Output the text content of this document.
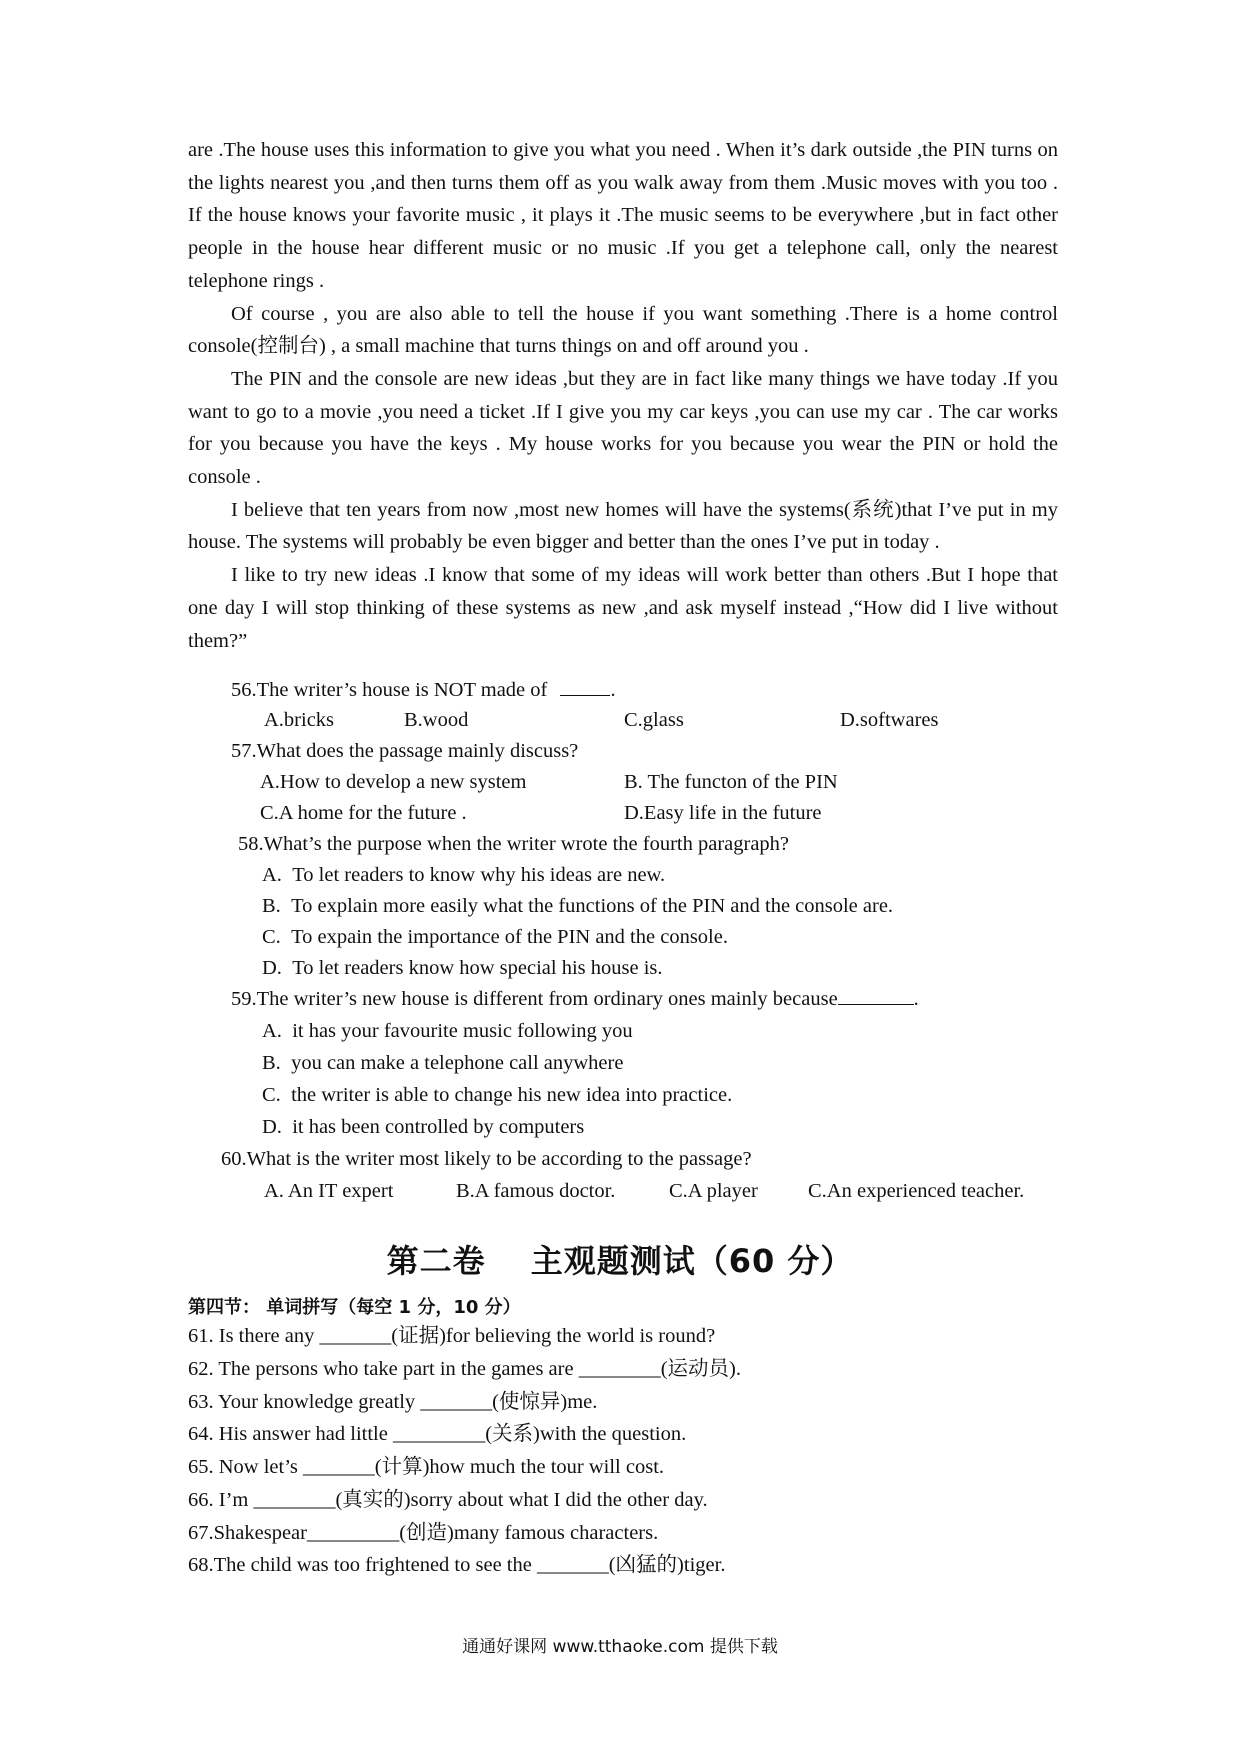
are .The house uses this information to give you what you need . When it’s dark outside ,the PIN turns on the lights nearest you ,and then turns them off as you walk away from them .Music moves with you too . If the house knows your favorite music , it plays it .The music seems to be everywhere ,but in fact other people in the house hear different music or no music .If you get a telephone call, only the nearest telephone rings .

Of course , you are also able to tell the house if you want something .There is a home control console(控制台) , a small machine that turns things on and off around you .

The PIN and the console are new ideas ,but they are in fact like many things we have today .If you want to go to a movie ,you need a ticket .If I give you my car keys ,you can use my car . The car works for you because you have the keys . My house works for you because you wear the PIN or hold the console .

I believe that ten years from now ,most new homes will have the systems(系统)that I’ve put in my house. The systems will probably be even bigger and better than the ones I’ve put in today .

I like to try new ideas .I know that some of my ideas will work better than others .But I hope that one day I will stop thinking of these systems as new ,and ask myself instead ,“How did I live without them?”

56.The writer’s house is NOT made of	.
A.bricks	B.wood	C.glass	D.softwares
57.What does the passage mainly discuss?
A.How to develop a new system	B. The functon of the PIN
C.A home for the future .	D.Easy life in the future
58.What’s the purpose when the writer wrote the fourth paragraph?
A. To let readers to know why his ideas are new.
B. To explain more easily what the functions of the PIN and the console are.
C. To expain the importance of the PIN and the console.
D. To let readers know how special his house is.
59.The writer’s new house is different from ordinary ones mainly because	.
A. it has your favourite music following you
B. you can make a telephone call anywhere
C. the writer is able to change his new idea into practice.
D. it has been controlled by computers
60.What is the writer most likely to be according to the passage?
A. An IT expert	B.A famous doctor.	C.A player C.An experienced teacher.
第二卷　 主观题测试（60 分）
第四节： 单词拼写（每空 1 分，10 分）
61. Is there any _______(证据)for believing the world is round?
62. The persons who take part in the games are ________(运动员).
63. Your knowledge greatly _______(使惊异)me.
64. His answer had little _________(关系)with the question.
65. Now let’s _______(计算)how much the tour will cost.
66. I’m ________(真实的)sorry about what I did the other day.
67.Shakespear_________(创造)many famous characters.
68.The child was too frightened to see the _______(凶猛的)tiger.
通通好课网 www.tthaoke.com 提供下载
